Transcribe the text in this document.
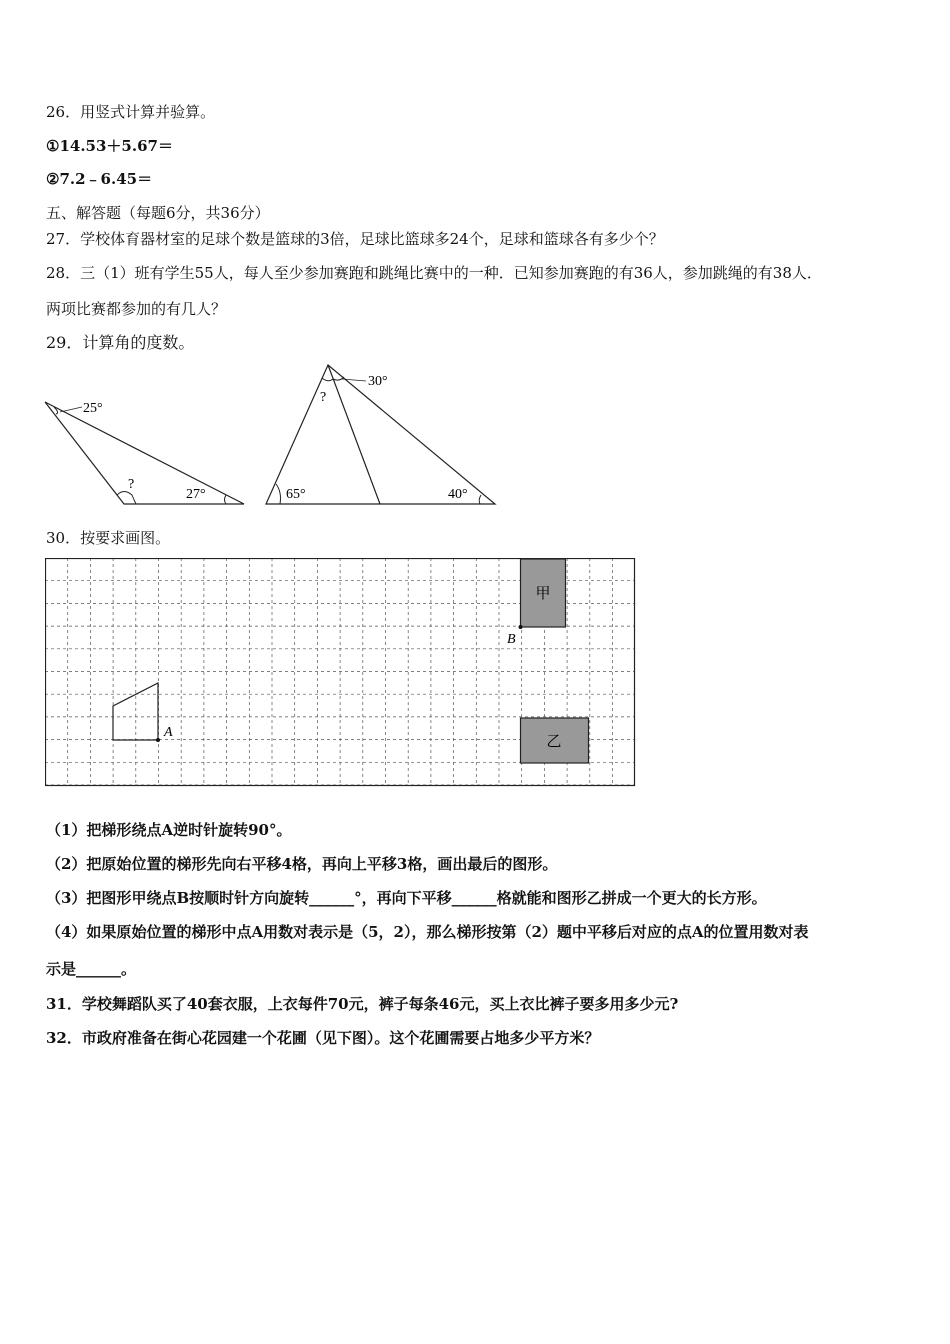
26．用竖式计算并验算。
①14.53＋5.67＝
②7.2﹣6.45＝
五、解答题（每题6分，共36分）
27．学校体育器材室的足球个数是篮球的3倍，足球比篮球多24个，足球和篮球各有多少个？
28．三（1）班有学生55人，每人至少参加赛跑和跳绳比赛中的一种．已知参加赛跑的有36人，参加跳绳的有38人．
两项比赛都参加的有几人？
29．计算角的度数。
25°
?
27°
30°
?
65°	40°
30．按要求画图。
甲
乙
B
A
（1）把梯形绕点A逆时针旋转90°。
（2）把原始位置的梯形先向右平移4格，再向上平移3格，画出最后的图形。
（3）把图形甲绕点B按顺时针方向旋转______°，再向下平移______格就能和图形乙拼成一个更大的长方形。
（4）如果原始位置的梯形中点A用数对表示是（5，2），那么梯形按第（2）题中平移后对应的点A的位置用数对表
示是______。
31．学校舞蹈队买了40套衣服，上衣每件70元，裤子每条46元，买上衣比裤子要多用多少元?
32．市政府准备在街心花园建一个花圃（见下图）。这个花圃需要占地多少平方米？
